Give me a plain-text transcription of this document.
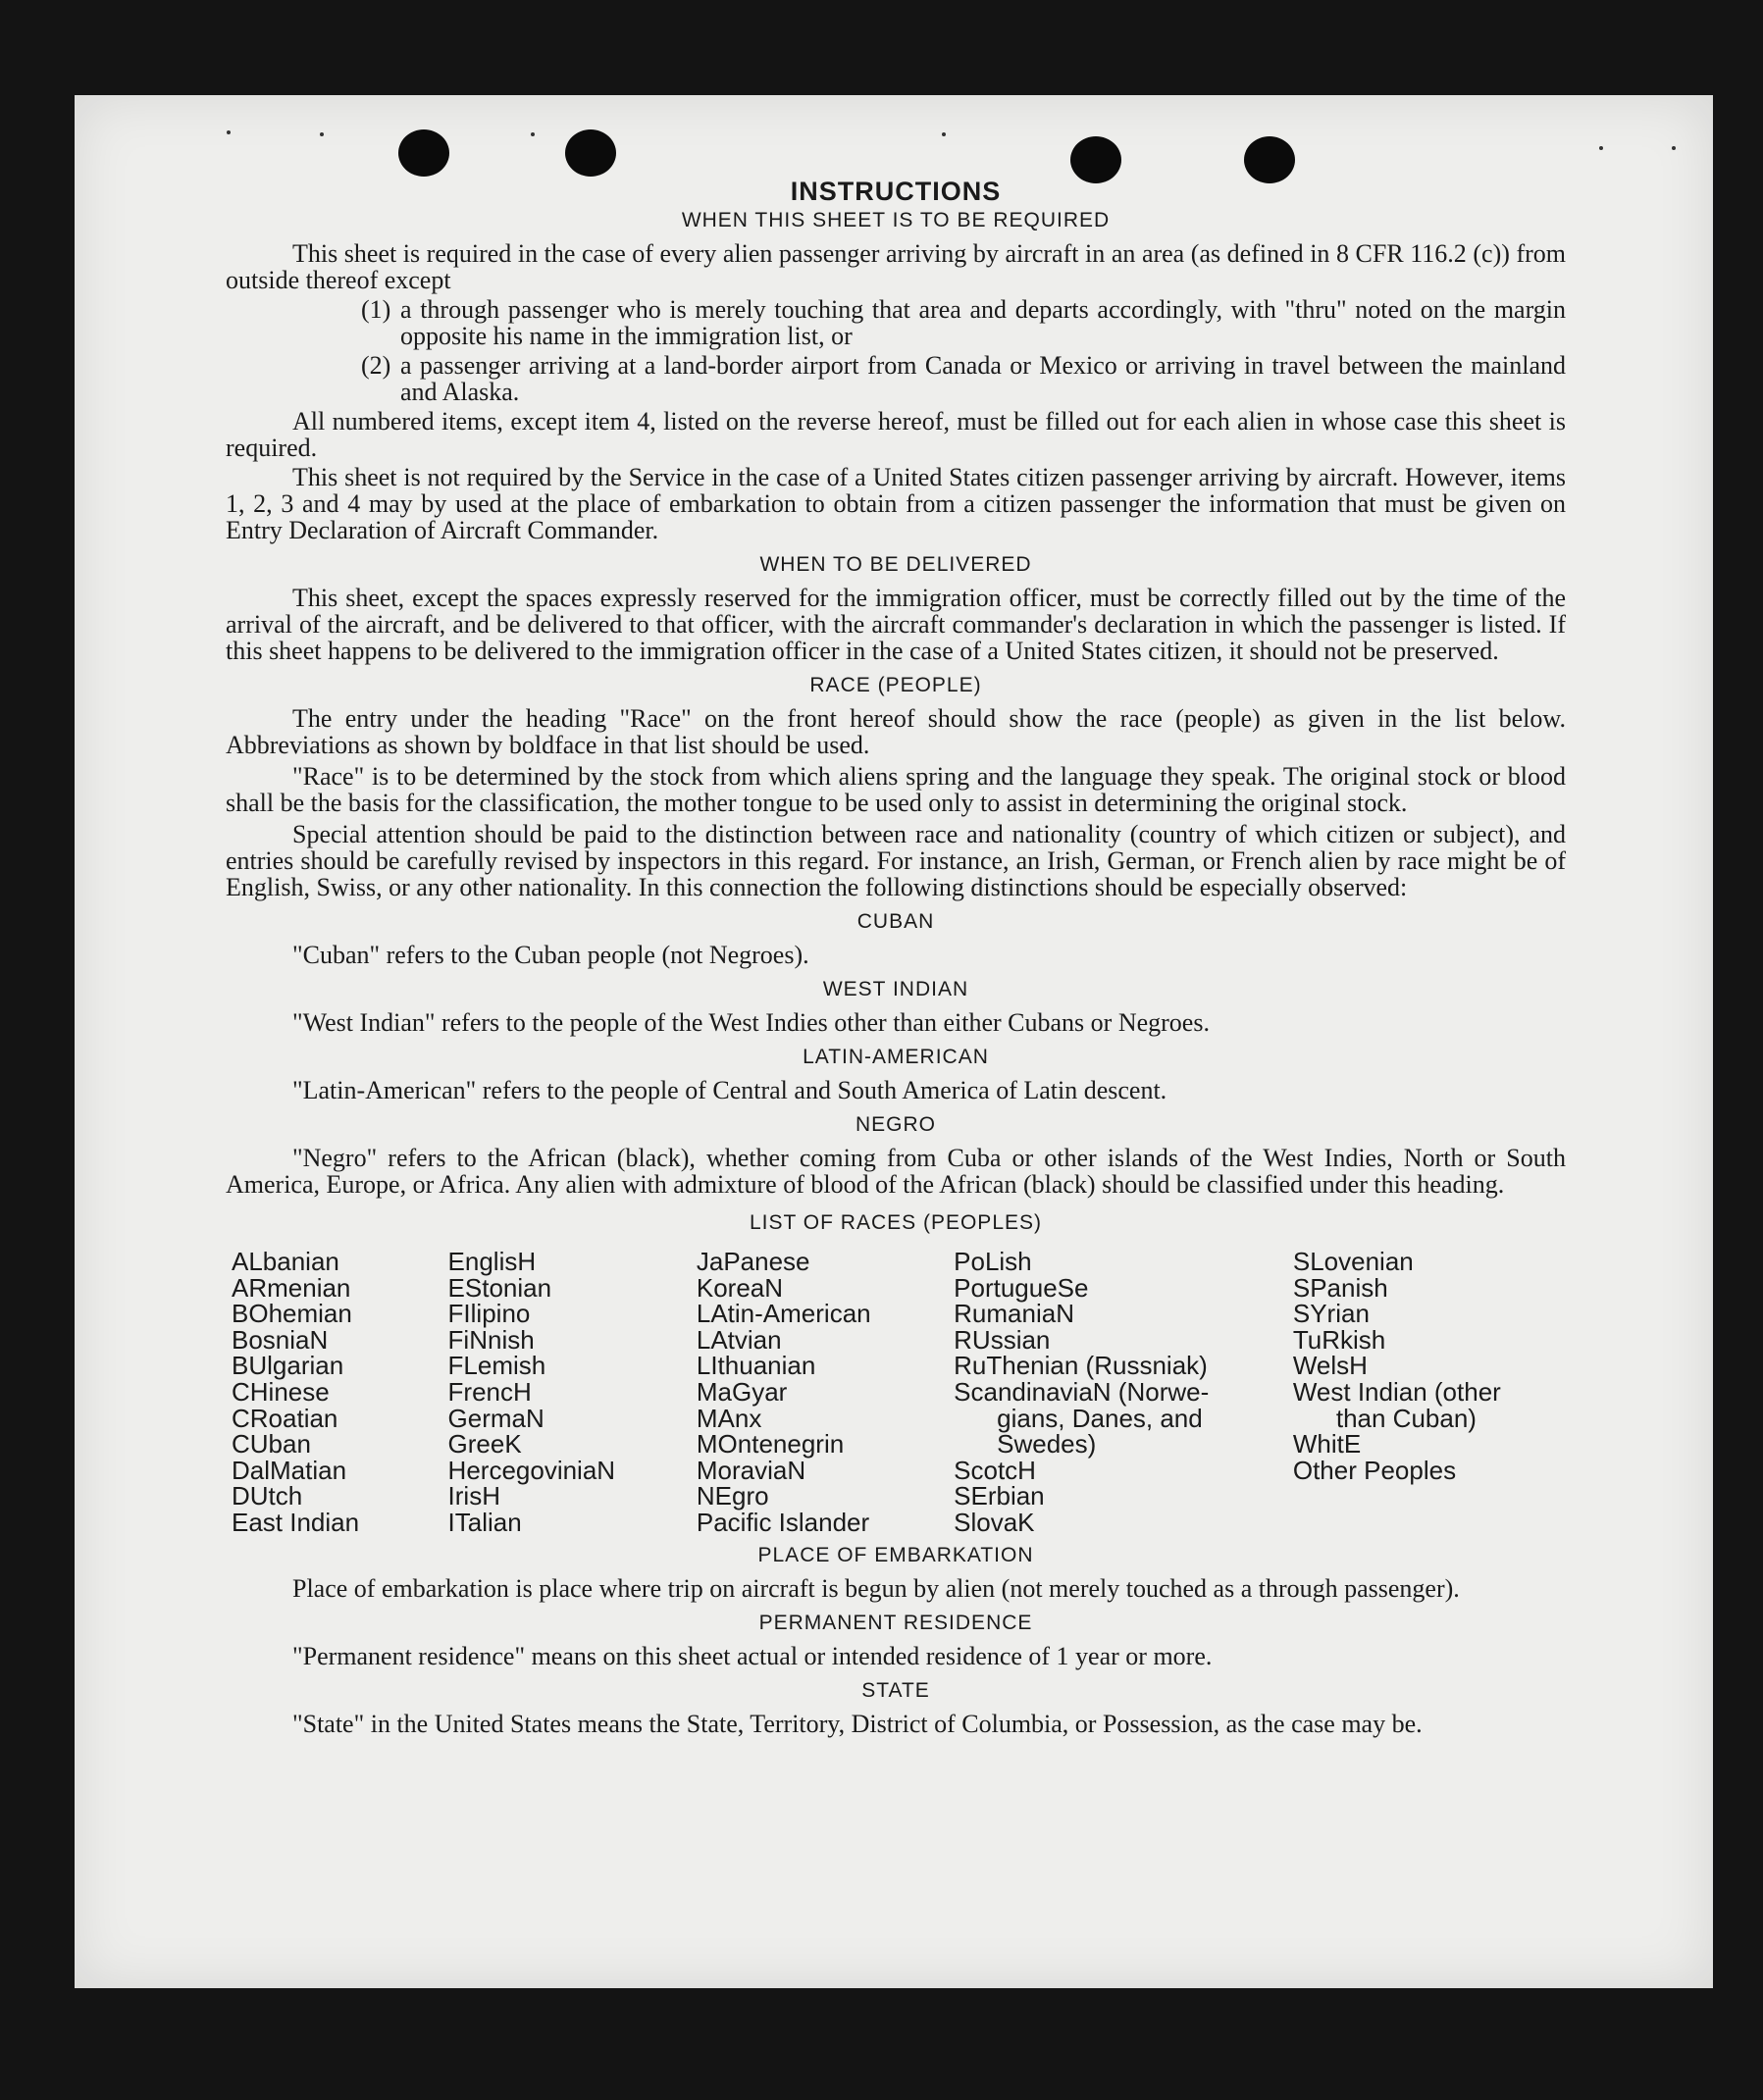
INSTRUCTIONS
WHEN THIS SHEET IS TO BE REQUIRED

This sheet is required in the case of every alien passenger arriving by aircraft in an area (as defined in 8 CFR 116.2 (c)) from outside thereof except

(1) a through passenger who is merely touching that area and departs accordingly, with "thru" noted on the margin opposite his name in the immigration list, or

(2) a passenger arriving at a land-border airport from Canada or Mexico or arriving in travel between the mainland and Alaska.

All numbered items, except item 4, listed on the reverse hereof, must be filled out for each alien in whose case this sheet is required.

This sheet is not required by the Service in the case of a United States citizen passenger arriving by aircraft. However, items 1, 2, 3 and 4 may by used at the place of embarkation to obtain from a citizen passenger the information that must be given on Entry Declaration of Aircraft Commander.

WHEN TO BE DELIVERED

This sheet, except the spaces expressly reserved for the immigration officer, must be correctly filled out by the time of the arrival of the aircraft, and be delivered to that officer, with the aircraft commander's declaration in which the passenger is listed. If this sheet happens to be delivered to the immigration officer in the case of a United States citizen, it should not be preserved.

RACE (PEOPLE)

The entry under the heading "Race" on the front hereof should show the race (people) as given in the list below. Abbreviations as shown by boldface in that list should be used.

"Race" is to be determined by the stock from which aliens spring and the language they speak. The original stock or blood shall be the basis for the classification, the mother tongue to be used only to assist in determining the original stock.

Special attention should be paid to the distinction between race and nationality (country of which citizen or subject), and entries should be carefully revised by inspectors in this regard. For instance, an Irish, German, or French alien by race might be of English, Swiss, or any other nationality. In this connection the following distinctions should be especially observed:

CUBAN

"Cuban" refers to the Cuban people (not Negroes).

WEST INDIAN

"West Indian" refers to the people of the West Indies other than either Cubans or Negroes.

LATIN-AMERICAN

"Latin-American" refers to the people of Central and South America of Latin descent.

NEGRO

"Negro" refers to the African (black), whether coming from Cuba or other islands of the West Indies, North or South America, Europe, or Africa. Any alien with admixture of blood of the African (black) should be classified under this heading.

LIST OF RACES (PEOPLES)
ALbanian
ARmenian
BOhemian
BosniaN
BUlgarian
CHinese
CRoatian
CUban
DalMatian
DUtch
East Indian
EnglisH
EStonian
FIlipino
FiNnish
FLemish
FrencH
GermaN
GreeK
HercegoviniaN
IrisH
ITalian
JaPanese
KoreaN
LAtin-American
LAtvian
LIthuanian
MaGyar
MAnx
MOntenegrin
MoraviaN
NEgro
Pacific Islander
PoLish
PortugueSe
RumaniaN
RUssian
RuThenian (Russniak)
ScandinaviaN (Norwe-
gians, Danes, and
Swedes)
ScotcH
SErbian
SlovaK
SLovenian
SPanish
SYrian
TuRkish
WelsH
West Indian (other
than Cuban)
WhitE
Other Peoples
PLACE OF EMBARKATION

Place of embarkation is place where trip on aircraft is begun by alien (not merely touched as a through passenger).

PERMANENT RESIDENCE

"Permanent residence" means on this sheet actual or intended residence of 1 year or more.

STATE

"State" in the United States means the State, Territory, District of Columbia, or Possession, as the case may be.
